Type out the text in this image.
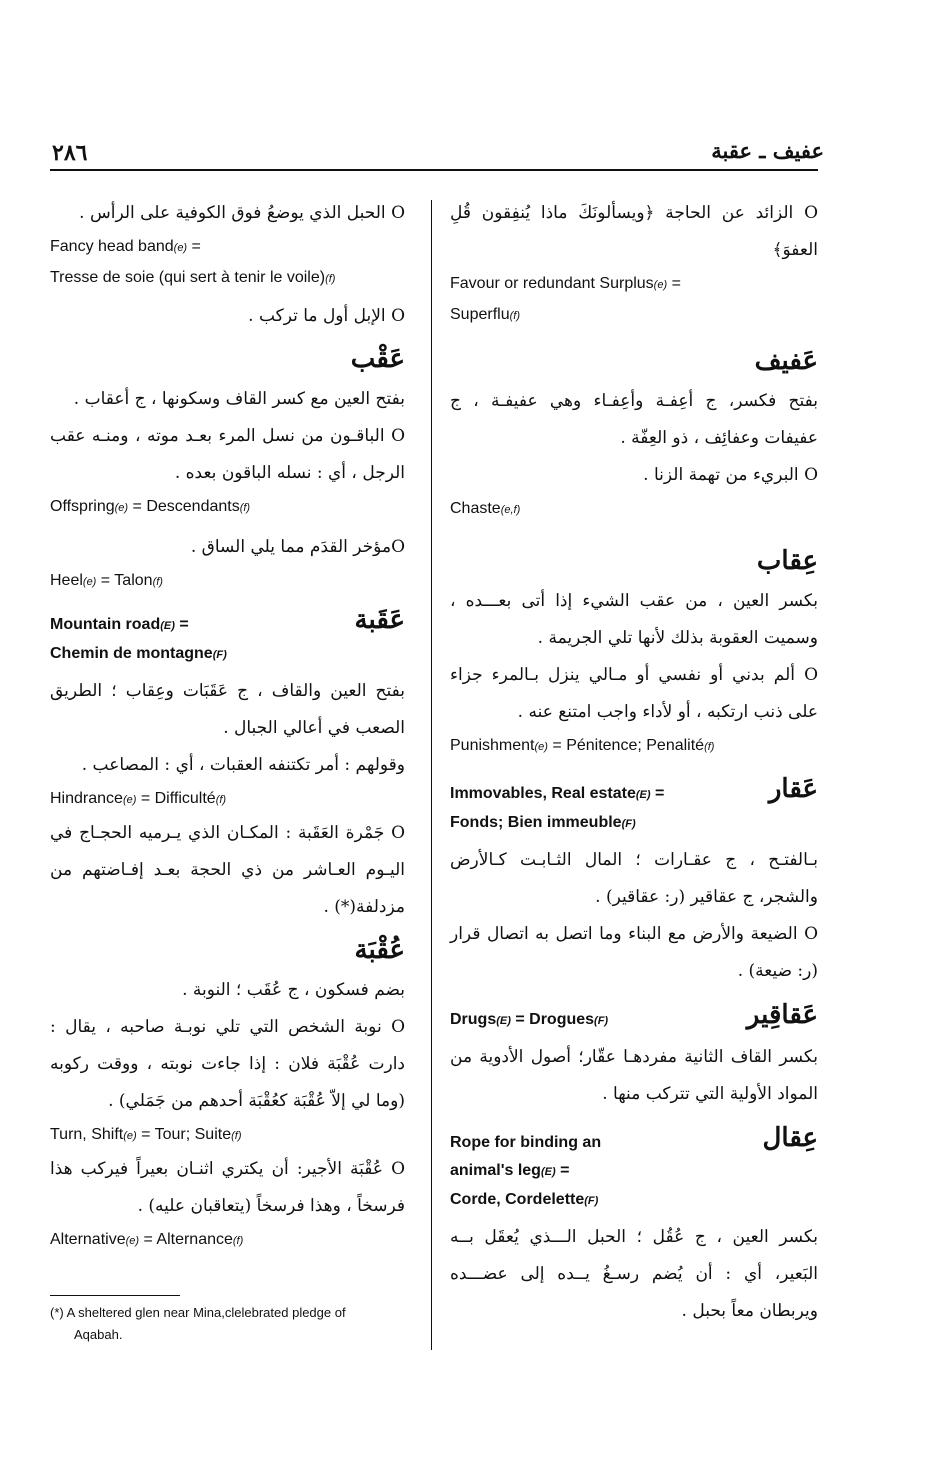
٢٨٦	عفيف ـ عقبة

O الحبل الذي يوضعُ فوق الكوفية على الرأس .

Fancy head band(e) =

Tresse de soie (qui sert à tenir le voile)(f)

O الإبل أول ما تركب .

عَقْب

بفتح العين مع كسر القاف وسكونها ، ج أعقاب .

O الباقـون من نسل المرء بعـد موته ، ومنـه عقب الرجل ، أي : نسله الباقون بعده .

Offspring(e) = Descendants(f)

Oمؤخر القدَم مما يلي الساق .

Heel(e) = Talon(f)

عَقَبة

Mountain road(E) =

Chemin de montagne(F)

بفتح العين والقاف ، ج عَقَبَات وعِقاب ؛ الطريق الصعب في أعالي الجبال .

وقولهم : أمر تكتنفه العقبات ، أي : المصاعب .

Hindrance(e) = Difficulté(f)

O جَمْرة العَقَبة : المكـان الذي يـرميه الحجـاج في اليـوم العـاشر من ذي الحجة بعـد إفـاضتهم من مزدلفة(*) .

عُقْبَة

بضم فسكون ، ج عُقَب ؛ النوبة .

O نوبة الشخص التي تلي نوبـة صاحبه ، يقال : دارت عُقْبَة فلان : إذا جاءت نوبته ، ووقت ركوبه (وما لي إلاّ عُقْبَة كعُقْبَة أحدهم من جَمَلي) .

Turn, Shift(e) = Tour; Suite(f)

O عُقْبَة الأجير: أن يكتري اثنـان بعيراً فيركب هذا فرسخاً ، وهذا فرسخاً (يتعاقبان عليه) .

Alternative(e) = Alternance(f)

(*) A sheltered glen near Mina,clelebrated pledge of
Aqabah.

O الزائد عن الحاجة ﴿ويسألونَكَ ماذا يُنفِقون قُلِ العفوَ﴾

Favour or redundant Surplus(e) =

Superflu(f)

عَفيف

بفتح فكسر، ج أعِفـة وأعِفـاء وهي عفيفـة ، ج عفيفات وعفائِف ، ذو العِفّة .

O البريء من تهمة الزنا .

Chaste(e,f)

عِقاب

بكسر العين ، من عقب الشيء إذا أتى بعـــده ، وسميت العقوبة بذلك لأنها تلي الجريمة .

O ألم بدني أو نفسي أو مـالي ينزل بـالمرء جزاء على ذنب ارتكبه ، أو لأداء واجب امتنع عنه .

Punishment(e) = Pénitence; Penalité(f)

عَقار

Immovables, Real estate(E) =

Fonds; Bien immeuble(F)

بـالفتـح ، ج عقـارات ؛ المال الثـابـت كـالأرض والشجر، ج عقاقير (ر: عقاقير) .

O الضيعة والأرض مع البناء وما اتصل به اتصال قرار (ر: ضيعة) .

عَقاقِير

Drugs(E) = Drogues(F)

بكسر القاف الثانية مفردهـا عقّار؛ أصول الأدوية من المواد الأولية التي تتركب منها .

عِقال

Rope for binding an

animal's leg(E) =

Corde, Cordelette(F)

بكسر العين ، ج عُقُل ؛ الحبل الـــذي يُعقَل بــه البَعير، أي : أن يُضم رسـغُ يــده إلى عضـــده ويربطان معاً بحبل .
